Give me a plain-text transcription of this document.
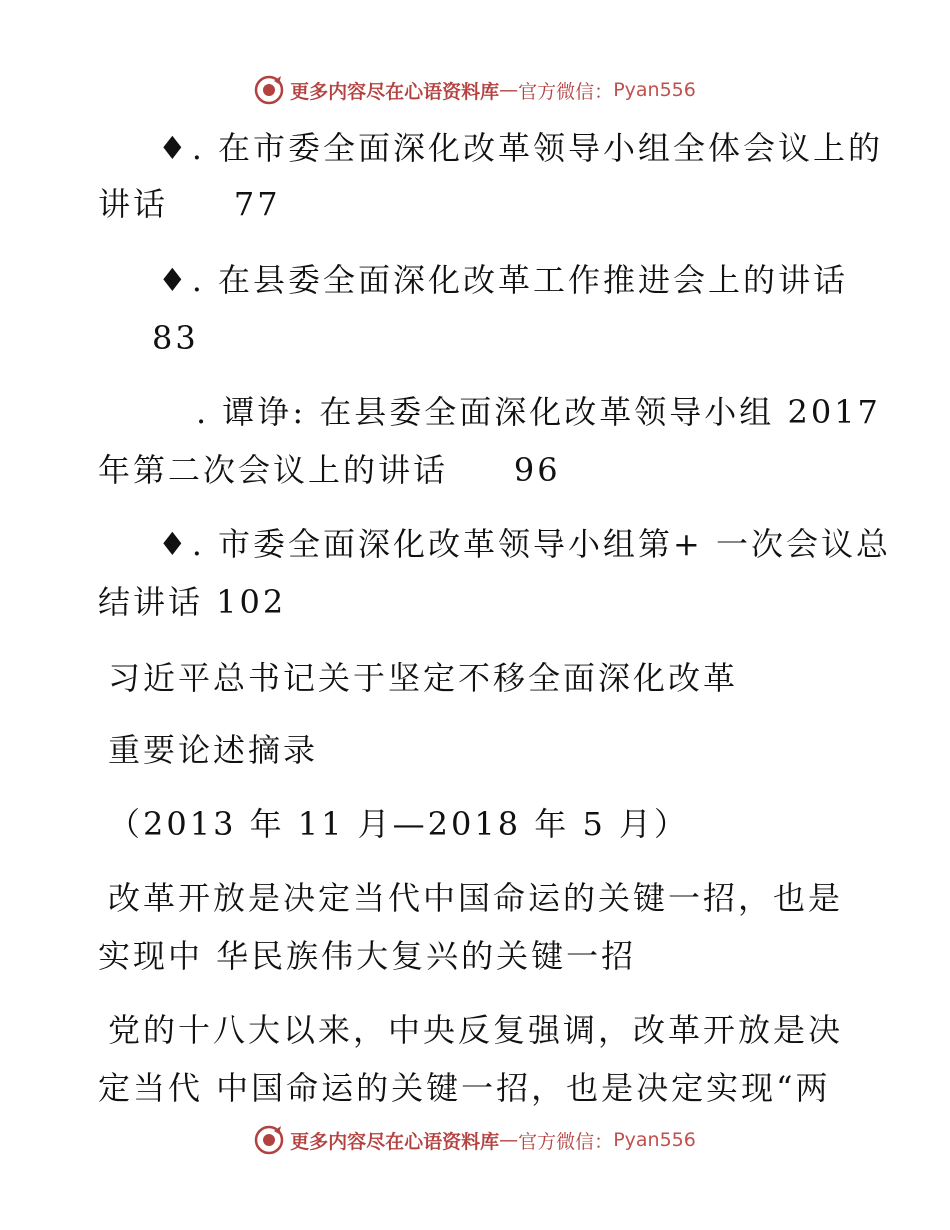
更多内容尽在心语资料库 — 官方微信： Pyan556
♦. 在市委全面深化改革领导小组全体会议上的
讲话     77
♦. 在县委全面深化改革工作推进会上的讲话
83
. 谭诤: 在县委全面深化改革领导小组 2017
年第二次会议上的讲话     96
♦. 市委全面深化改革领导小组第+ 一次会议总
结讲话 102
习近平总书记关于坚定不移全面深化改革
重要论述摘录
（2013 年 11 月—2018 年 5 月）
改革开放是决定当代中国命运的关键一招，也是
实现中 华民族伟大复兴的关键一招
党的十八大以来，中央反复强调，改革开放是决
定当代 中国命运的关键一招，也是决定实现“两
更多内容尽在心语资料库 — 官方微信： Pyan556
